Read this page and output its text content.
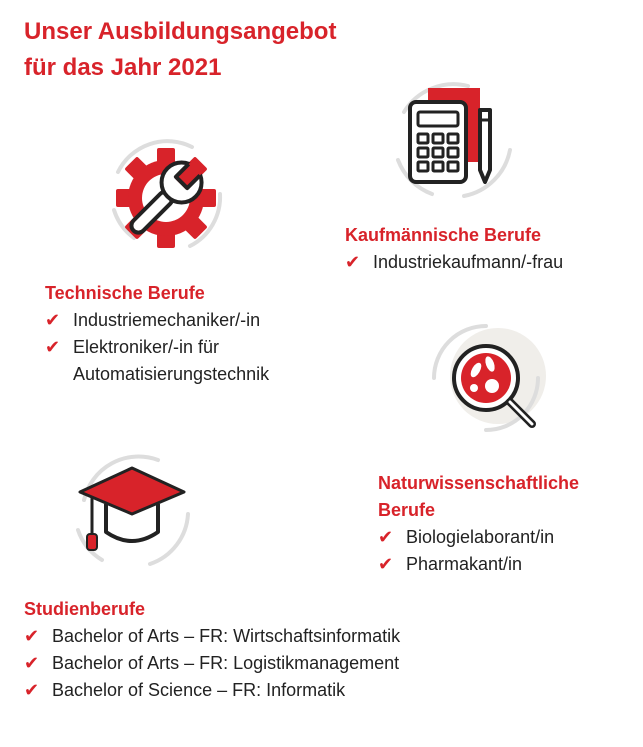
Unser Ausbildungsangebot
für das Jahr 2021
Kaufmännische Berufe
✔ Industriekaufmann/-frau
Technische Berufe
✔ Industriemechaniker/-in
✔ Elektroniker/-in für
Automatisierungstechnik
Naturwissenschaftliche
Berufe
✔ Biologielaborant/in
✔ Pharmakant/in
Studienberufe
✔ Bachelor of Arts – FR: Wirtschaftsinformatik
✔ Bachelor of Arts – FR: Logistikmanagement
✔ Bachelor of Science – FR: Informatik
